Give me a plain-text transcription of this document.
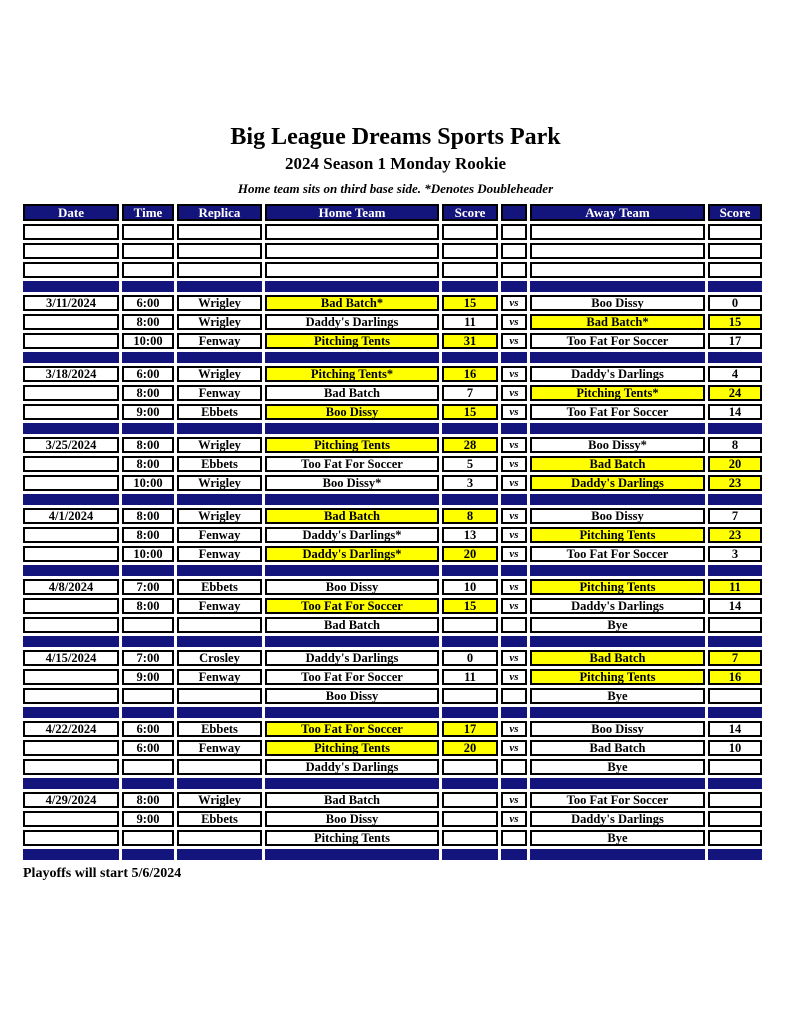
Big League Dreams Sports Park
2024 Season 1 Monday Rookie
Home team sits on third base side. *Denotes Doubleheader
Date	Time	Replica	Home Team	Score		Away Team	Score

3/11/2024	6:00	Wrigley	Bad Batch*	15	vs	Boo Dissy	0
	8:00	Wrigley	Daddy's Darlings	11	vs	Bad Batch*	15
	10:00	Fenway	Pitching Tents	31	vs	Too Fat For Soccer	17

3/18/2024	6:00	Wrigley	Pitching Tents*	16	vs	Daddy's Darlings	4
	8:00	Fenway	Bad Batch	7	vs	Pitching Tents*	24
	9:00	Ebbets	Boo Dissy	15	vs	Too Fat For Soccer	14

3/25/2024	8:00	Wrigley	Pitching Tents	28	vs	Boo Dissy*	8
	8:00	Ebbets	Too Fat For Soccer	5	vs	Bad Batch	20
	10:00	Wrigley	Boo Dissy*	3	vs	Daddy's Darlings	23

4/1/2024	8:00	Wrigley	Bad Batch	8	vs	Boo Dissy	7
	8:00	Fenway	Daddy's Darlings*	13	vs	Pitching Tents	23
	10:00	Fenway	Daddy's Darlings*	20	vs	Too Fat For Soccer	3

4/8/2024	7:00	Ebbets	Boo Dissy	10	vs	Pitching Tents	11
	8:00	Fenway	Too Fat For Soccer	15	vs	Daddy's Darlings	14
			Bad Batch			Bye	

4/15/2024	7:00	Crosley	Daddy's Darlings	0	vs	Bad Batch	7
	9:00	Fenway	Too Fat For Soccer	11	vs	Pitching Tents	16
			Boo Dissy			Bye	

4/22/2024	6:00	Ebbets	Too Fat For Soccer	17	vs	Boo Dissy	14
	6:00	Fenway	Pitching Tents	20	vs	Bad Batch	10
			Daddy's Darlings			Bye	

4/29/2024	8:00	Wrigley	Bad Batch		vs	Too Fat For Soccer	
	9:00	Ebbets	Boo Dissy		vs	Daddy's Darlings	
			Pitching Tents			Bye	

Playoffs will start 5/6/2024
